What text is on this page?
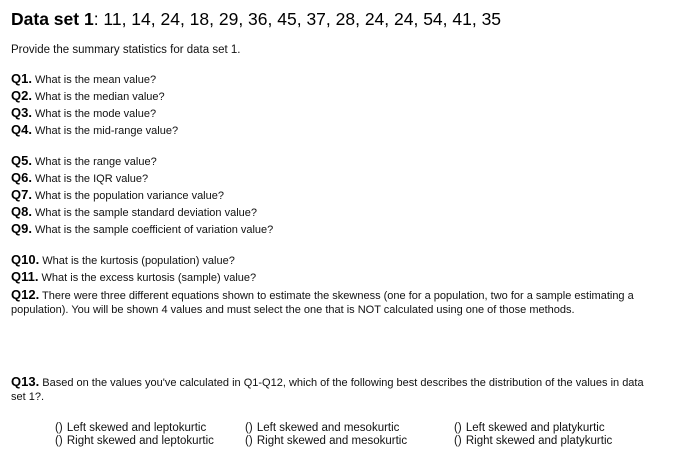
Data set 1: 11, 14, 24, 18, 29, 36, 45, 37, 28, 24, 24, 54, 41, 35
Provide the summary statistics for data set 1.
Q1. What is the mean value?
Q2. What is the median value?
Q3. What is the mode value?
Q4. What is the mid-range value?
Q5. What is the range value?
Q6. What is the IQR value?
Q7. What is the population variance value?
Q8. What is the sample standard deviation value?
Q9. What is the sample coefficient of variation value?
Q10. What is the kurtosis (population) value?
Q11. What is the excess kurtosis (sample) value?
Q12. There were three different equations shown to estimate the skewness (one for a population, two for a sample estimating a population). You will be shown 4 values and must select the one that is NOT calculated using one of those methods.
Q13. Based on the values you've calculated in Q1-Q12, which of the following best describes the distribution of the values in data set 1?.
() Left skewed and leptokurtic	() Left skewed and mesokurtic	() Left skewed and platykurtic
() Right skewed and leptokurtic	() Right skewed and mesokurtic	() Right skewed and platykurtic
